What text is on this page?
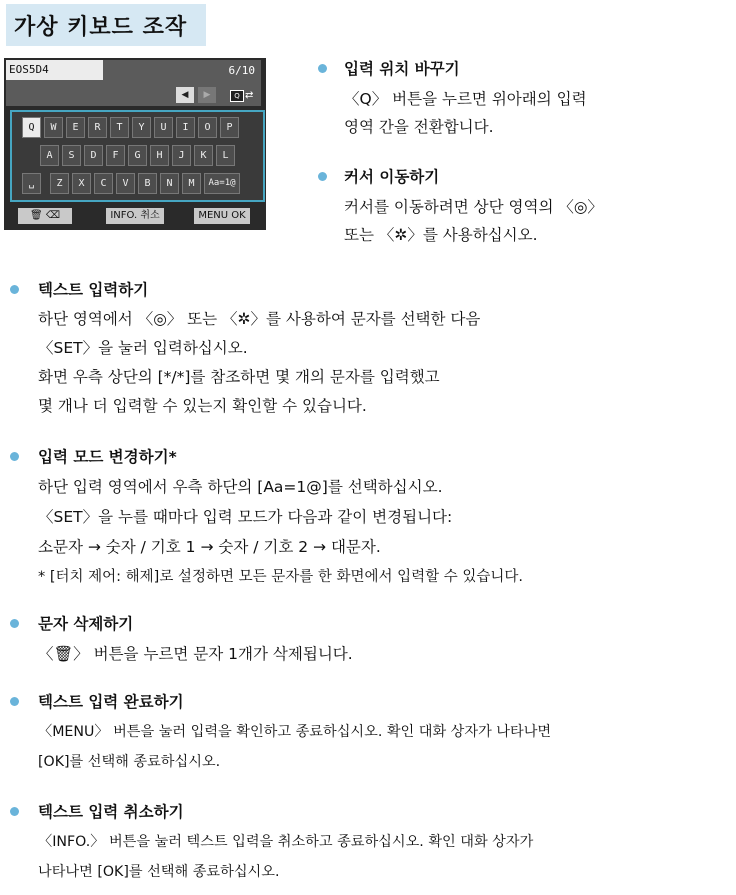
가상 키보드 조작
EOS5D4	6/10
◀	▶	Q ⇄
Q	W	E	R	T	Y	U	I	O	P
A	S	D	F	G	H	J	K	L
␣	Z	X	C	V	B	N	M	Aa=1@
🗑 ⌫	INFO. 취소	MENU OK
입력 위치 바꾸기
〈Q〉 버튼을 누르면 위아래의 입력
영역 간을 전환합니다.
커서 이동하기
커서를 이동하려면 상단 영역의 〈◎〉
또는 〈✲〉를 사용하십시오.
텍스트 입력하기
하단 영역에서 〈◎〉 또는 〈✲〉를 사용하여 문자를 선택한 다음
〈SET〉을 눌러 입력하십시오.
화면 우측 상단의 [*/*]를 참조하면 몇 개의 문자를 입력했고
몇 개나 더 입력할 수 있는지 확인할 수 있습니다.
입력 모드 변경하기*
하단 입력 영역에서 우측 하단의 [Aa=1@]를 선택하십시오.
〈SET〉을 누를 때마다 입력 모드가 다음과 같이 변경됩니다:
소문자 → 숫자 / 기호 1 → 숫자 / 기호 2 → 대문자.
* [터치 제어: 해제]로 설정하면 모든 문자를 한 화면에서 입력할 수 있습니다.
문자 삭제하기
〈🗑〉 버튼을 누르면 문자 1개가 삭제됩니다.
텍스트 입력 완료하기
〈MENU〉 버튼을 눌러 입력을 확인하고 종료하십시오. 확인 대화 상자가 나타나면
[OK]를 선택해 종료하십시오.
텍스트 입력 취소하기
〈INFO.〉 버튼을 눌러 텍스트 입력을 취소하고 종료하십시오. 확인 대화 상자가
나타나면 [OK]를 선택해 종료하십시오.
